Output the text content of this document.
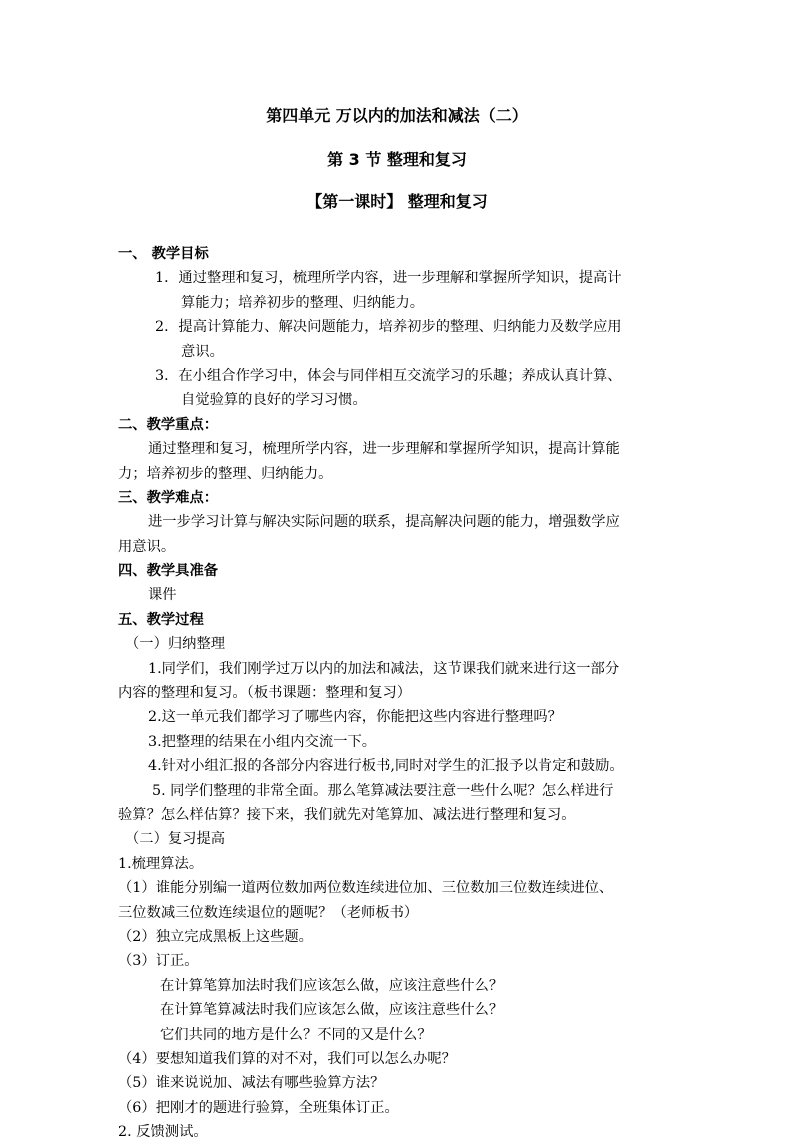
第四单元 万以内的加法和减法（二）
第 3 节 整理和复习
【第一课时】 整理和复习
一、 教学目标
1．通过整理和复习，梳理所学内容，进一步理解和掌握所学知识，提高计
算能力；培养初步的整理、归纳能力。
2．提高计算能力、解决问题能力，培养初步的整理、归纳能力及数学应用
意识。
3．在小组合作学习中，体会与同伴相互交流学习的乐趣；养成认真计算、
自觉验算的良好的学习习惯。
二、教学重点：
通过整理和复习，梳理所学内容，进一步理解和掌握所学知识，提高计算能
力；培养初步的整理、归纳能力。
三、教学难点：
进一步学习计算与解决实际问题的联系，提高解决问题的能力，增强数学应
用意识。
四、教学具准备
课件
五、教学过程
（一）归纳整理
1.同学们，我们刚学过万以内的加法和减法，这节课我们就来进行这一部分
内容的整理和复习。（板书课题：整理和复习）
2.这一单元我们都学习了哪些内容，你能把这些内容进行整理吗？
3.把整理的结果在小组内交流一下。
4.针对小组汇报的各部分内容进行板书,同时对学生的汇报予以肯定和鼓励。
5. 同学们整理的非常全面。那么笔算减法要注意一些什么呢？怎么样进行
验算？怎么样估算？接下来，我们就先对笔算加、减法进行整理和复习。
（二）复习提高
1.梳理算法。
（1）谁能分别编一道两位数加两位数连续进位加、三位数加三位数连续进位、
三位数减三位数连续退位的题呢？（老师板书）
（2）独立完成黑板上这些题。
（3）订正。
在计算笔算加法时我们应该怎么做，应该注意些什么？
在计算笔算减法时我们应该怎么做，应该注意些什么？
它们共同的地方是什么？不同的又是什么？
（4）要想知道我们算的对不对，我们可以怎么办呢？
（5）谁来说说加、减法有哪些验算方法？
（6）把刚才的题进行验算，全班集体订正。
2. 反馈测试。
